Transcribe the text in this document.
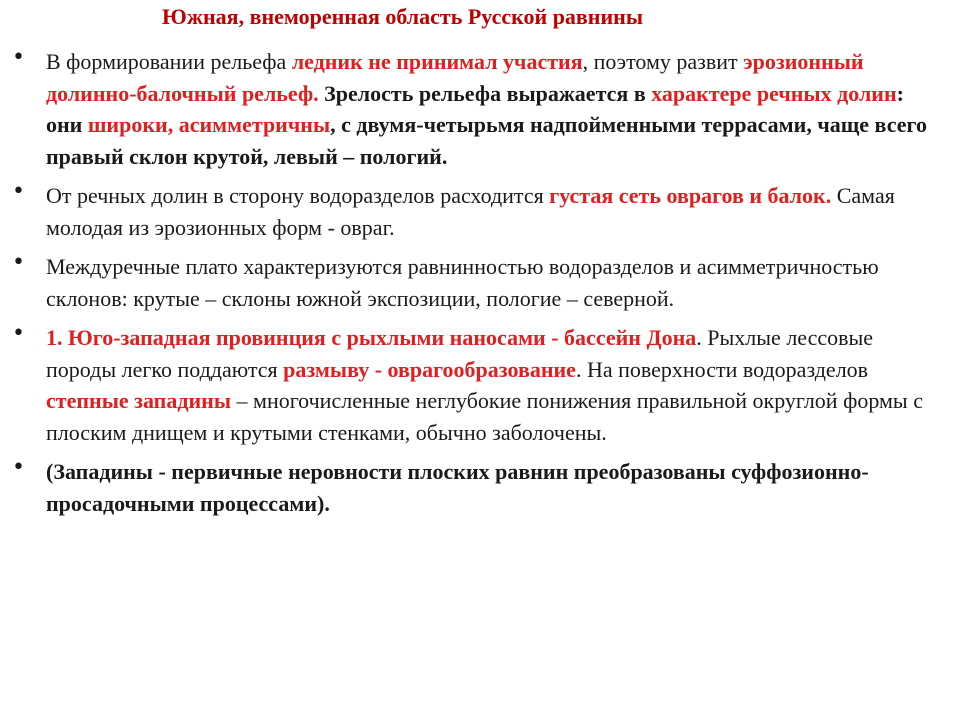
Южная, внеморенная область Русской равнины
• В формировании рельефа ледник не принимал участия, поэтому развит эрозионный долинно-балочный рельеф. Зрелость рельефа выражается в характере речных долин: они широки, асимметричны, с двумя-четырьмя надпойменными террасами, чаще всего правый склон крутой, левый – пологий.
• От речных долин в сторону водоразделов расходится густая сеть оврагов и балок. Самая молодая из эрозионных форм - овраг.
• Междуречные плато характеризуются равнинностью водоразделов и асимметричностью склонов: крутые – склоны южной экспозиции, пологие – северной.
• 1. Юго-западная провинция с рыхлыми наносами - бассейн Дона. Рыхлые лессовые породы легко поддаются размыву - оврагообразование. На поверхности водоразделов степные западины – многочисленные неглубокие понижения правильной округлой формы с плоским днищем и крутыми стенками, обычно заболочены.
• (Западины - первичные неровности плоских равнин преобразованы суффозионно-просадочными процессами).
